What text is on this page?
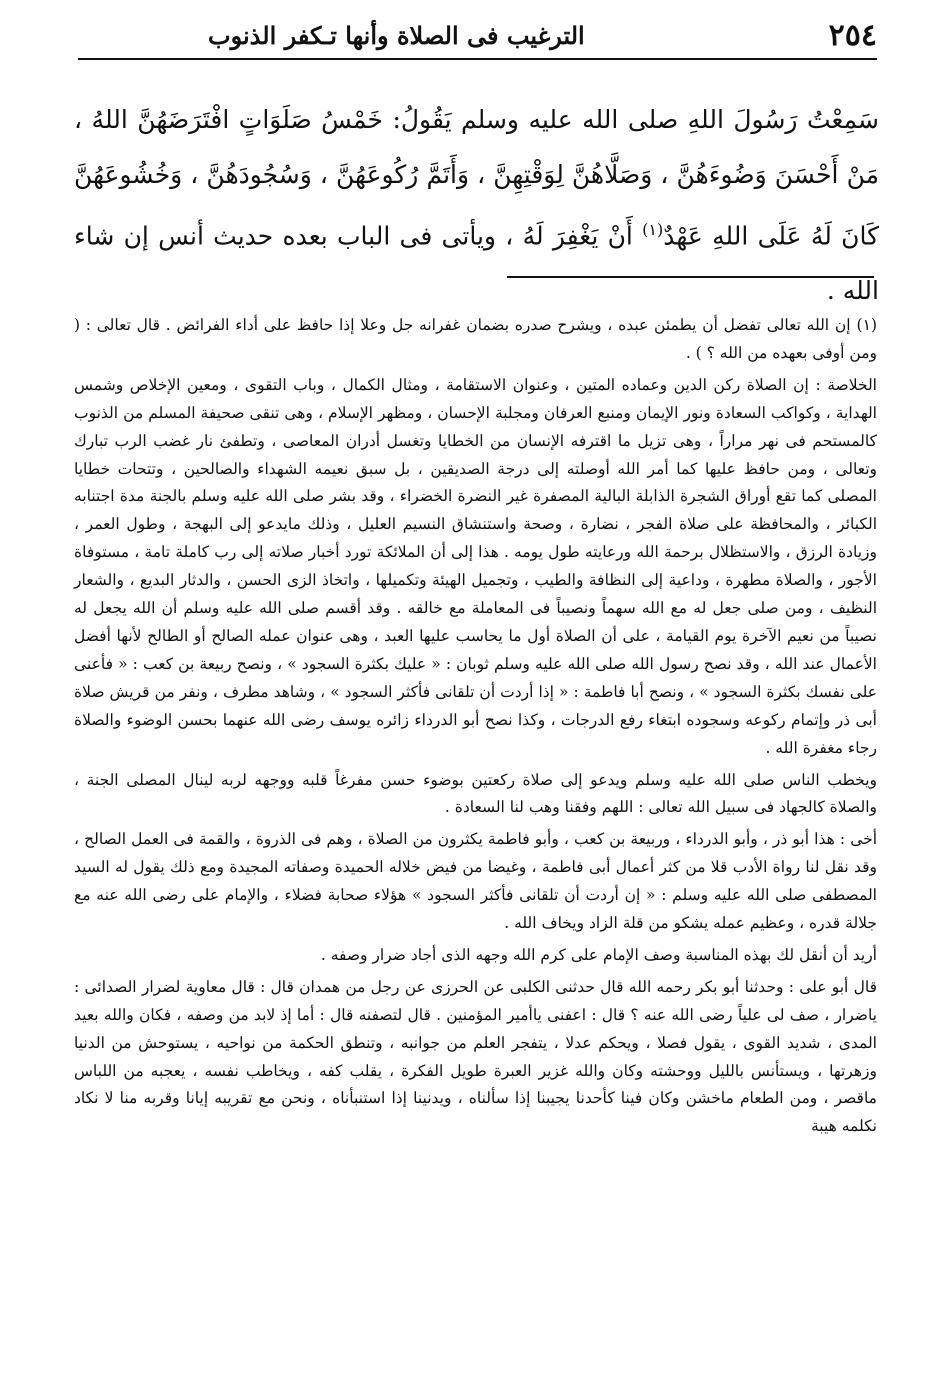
٢٥٤
الترغيب فى الصلاة وأنها تـكفر الذنوب
سَمِعْتُ رَسُولَ اللهِ صلى الله عليه وسلم يَقُولُ: خَمْسُ صَلَوَاتٍ افْتَرَضَهُنَّ اللهُ ، مَنْ أَحْسَنَ وَضُوءَهُنَّ ، وَصَلَّاهُنَّ لِوَقْتِهِنَّ ، وَأَتَمَّ رُكُوعَهُنَّ ، وَسُجُودَهُنَّ ، وَخُشُوعَهُنَّ كَانَ لَهُ عَلَى اللهِ عَهْدٌ$^{(١)}$ أَنْ يَغْفِرَ لَهُ ، ويأتى فى الباب بعده حديث أنس إن شاء الله .

(١)إن الله تعالى تفضل أن يطمئن عبده ، ويشرح صدره بضمان غفرانه جل وعلا إذا حافظ على أداء الفرائض . قال تعالى : ( ومن أوفى بعهده من الله ؟ ) .

الخلاصة : إن الصلاة ركن الدين وعماده المتين ، وعنوان الاستقامة ، ومثال الكمال ، وباب التقوى ، ومعين الإخلاص وشمس الهداية ، وكواكب السعادة ونور الإيمان ومنبع العرفان ومجلبة الإحسان ، ومظهر الإسلام ، وهى تنقى صحيفة المسلم من الذنوب كالمستحم فى نهر مراراً ، وهى تزيل ما اقترفه الإنسان من الخطايا وتغسل أدران المعاصى ، وتطفئ نار غضب الرب تبارك وتعالى ، ومن حافظ عليها كما أمر الله أوصلته إلى درجة الصديقين ، بل سبق نعيمه الشهداء والصالحين ، وتتحات خطايا المصلى كما تقع أوراق الشجرة الذابلة البالية المصفرة غير النضرة الخضراء ، وقد بشر صلى الله عليه وسلم بالجنة مدة اجتنابه الكبائر ، والمحافظة على صلاة الفجر ، نضارة ، وصحة واستنشاق النسيم العليل ، وذلك مايدعو إلى البهجة ، وطول العمر ، وزيادة الرزق ، والاستظلال برحمة الله ورعايته طول يومه . هذا إلى أن الملائكة تورد أخبار صلاته إلى رب كاملة تامة ، مستوفاة الأجور ، والصلاة مطهرة ، وداعية إلى النظافة والطيب ، وتجميل الهيئة وتكميلها ، واتخاذ الزى الحسن ، والدثار البديع ، والشعار النظيف ، ومن صلى جعل له مع الله سهماً ونصيباً فى المعاملة مع خالقه . وقد أقسم صلى الله عليه وسلم أن الله يجعل له نصيباً من نعيم الآخرة يوم القيامة ، على أن الصلاة أول ما يحاسب عليها العبد ، وهى عنوان عمله الصالح أو الطالح لأنها أفضل الأعمال عند الله ، وقد نصح رسول الله صلى الله عليه وسلم ثوبان : « عليك بكثرة السجود » ، ونصح ربيعة بن كعب : « فأعنى على نفسك بكثرة السجود » ، ونصح أبا فاطمة : « إذا أردت أن تلقانى فأكثر السجود » ، وشاهد مطرف ، ونفر من قريش صلاة أبى ذر وإتمام ركوعه وسجوده ابتغاء رفع الدرجات ، وكذا نصح أبو الدرداء زائره يوسف رضى الله عنهما بحسن الوضوء والصلاة رجاء مغفرة الله .

ويخطب الناس صلى الله عليه وسلم ويدعو إلى صلاة ركعتين بوضوء حسن مفرغاً قلبه ووجهه لربه لينال المصلى الجنة ، والصلاة كالجهاد فى سبيل الله تعالى : اللهم وفقنا وهب لنا السعادة .

أخى : هذا أبو ذر ، وأبو الدرداء ، وربيعة بن كعب ، وأبو فاطمة يكثرون من الصلاة ، وهم فى الذروة ، والقمة فى العمل الصالح ، وقد نقل لنا رواة الأدب قلا من كثر أعمال أبى فاطمة ، وغيضا من فيض خلاله الحميدة وصفاته المجيدة ومع ذلك يقول له السيد المصطفى صلى الله عليه وسلم : « إن أردت أن تلقانى فأكثر السجود » هؤلاء صحابة فضلاء ، والإمام على رضى الله عنه مع جلالة قدره ، وعظيم عمله يشكو من قلة الزاد ويخاف الله .

أريد أن أنقل لك بهذه المناسبة وصف الإمام على كرم الله وجهه الذى أجاد ضرار وصفه .

قال أبو على : وحدثنا أبو بكر رحمه الله قال حدثنى الكلبى عن الحرزى عن رجل من همدان قال : قال معاوية لضرار الصدائى : ياضرار ، صف لى علياً رضى الله عنه ؟ قال : اعفنى ياأمير المؤمنين . قال لتصفنه قال : أما إذ لابد من وصفه ، فكان والله بعيد المدى ، شديد القوى ، يقول فصلا ، ويحكم عدلا ، يتفجر العلم من جوانبه ، وتنطق الحكمة من نواحيه ، يستوحش من الدنيا وزهرتها ، ويستأنس بالليل ووحشته وكان والله غزير العبرة طويل الفكرة ، يقلب كفه ، ويخاطب نفسه ، يعجبه من اللباس ماقصر ، ومن الطعام ماخشن وكان فينا كأحدنا يجيبنا إذا سألناه ، ويدنينا إذا استنبأناه ، ونحن مع تقريبه إيانا وقربه منا لا نكاد نكلمه هيبة
